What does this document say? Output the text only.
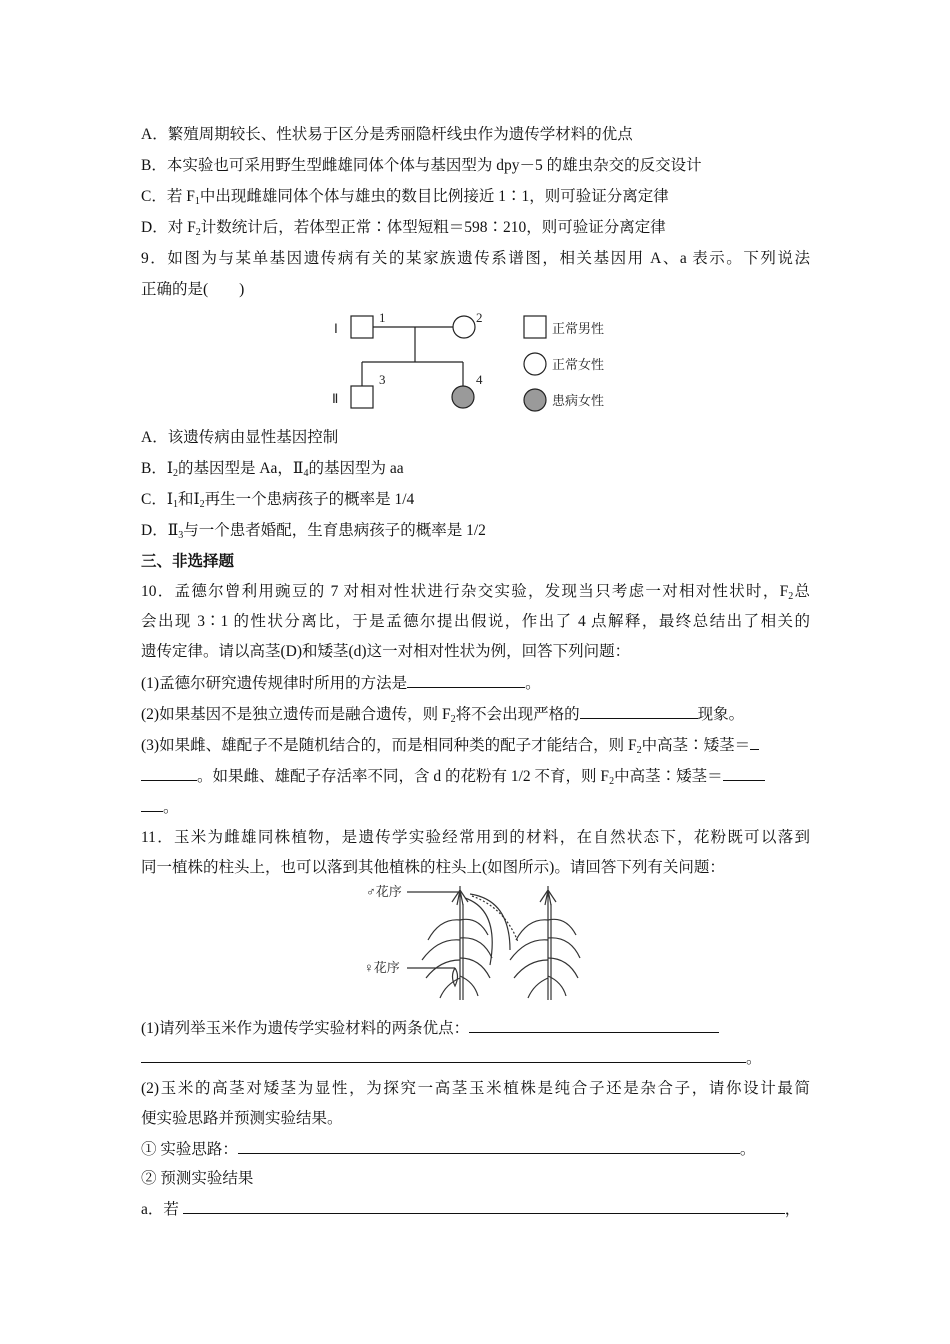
A．繁殖周期较长、性状易于区分是秀丽隐杆线虫作为遗传学材料的优点
B．本实验也可采用野生型雌雄同体个体与基因型为 dpy－5 的雄虫杂交的反交设计
C．若 $F_1$中出现雌雄同体个体与雄虫的数目比例接近 1∶1，则可验证分离定律
D．对 $F_2$计数统计后，若体型正常∶体型短粗＝598∶210，则可验证分离定律
9．如图为与某单基因遗传病有关的某家族遗传系谱图，相关基因用 A、a 表示。下列说法
正确的是(　　)
Ⅰ
Ⅱ
1	2
3	4
正常男性
正常女性
患病女性
A．该遗传病由显性基因控制
B．$Ⅰ_2$的基因型是 Aa，$Ⅱ_4$的基因型为 aa
C．$Ⅰ_1$和$Ⅰ_2$再生一个患病孩子的概率是 1/4
D．$Ⅱ_3$与一个患者婚配，生育患病孩子的概率是 1/2
三、非选择题
10．孟德尔曾利用豌豆的 7 对相对性状进行杂交实验，发现当只考虑一对相对性状时，$F_2$总
会出现 3∶1 的性状分离比，于是孟德尔提出假说，作出了 4 点解释，最终总结出了相关的
遗传定律。请以高茎(D)和矮茎(d)这一对相对性状为例，回答下列问题：
(1)孟德尔研究遗传规律时所用的方法是	。
(2)如果基因不是独立遗传而是融合遗传，则 $F_2$将不会出现严格的	现象。
(3)如果雌、雄配子不是随机结合的，而是相同种类的配子才能结合，则 $F_2$中高茎∶矮茎＝
。如果雌、雄配子存活率不同，含 d 的花粉有 1/2 不育，则 $F_2$中高茎∶矮茎＝
。
11．玉米为雌雄同株植物，是遗传学实验经常用到的材料，在自然状态下，花粉既可以落到
同一植株的柱头上，也可以落到其他植株的柱头上(如图所示)。请回答下列有关问题：
♂花序
♀花序
(1)请列举玉米作为遗传学实验材料的两条优点：
。
(2)玉米的高茎对矮茎为显性，为探究一高茎玉米植株是纯合子还是杂合子，请你设计最简
便实验思路并预测实验结果。
① 实验思路：	。
② 预测实验结果
a．若	，
